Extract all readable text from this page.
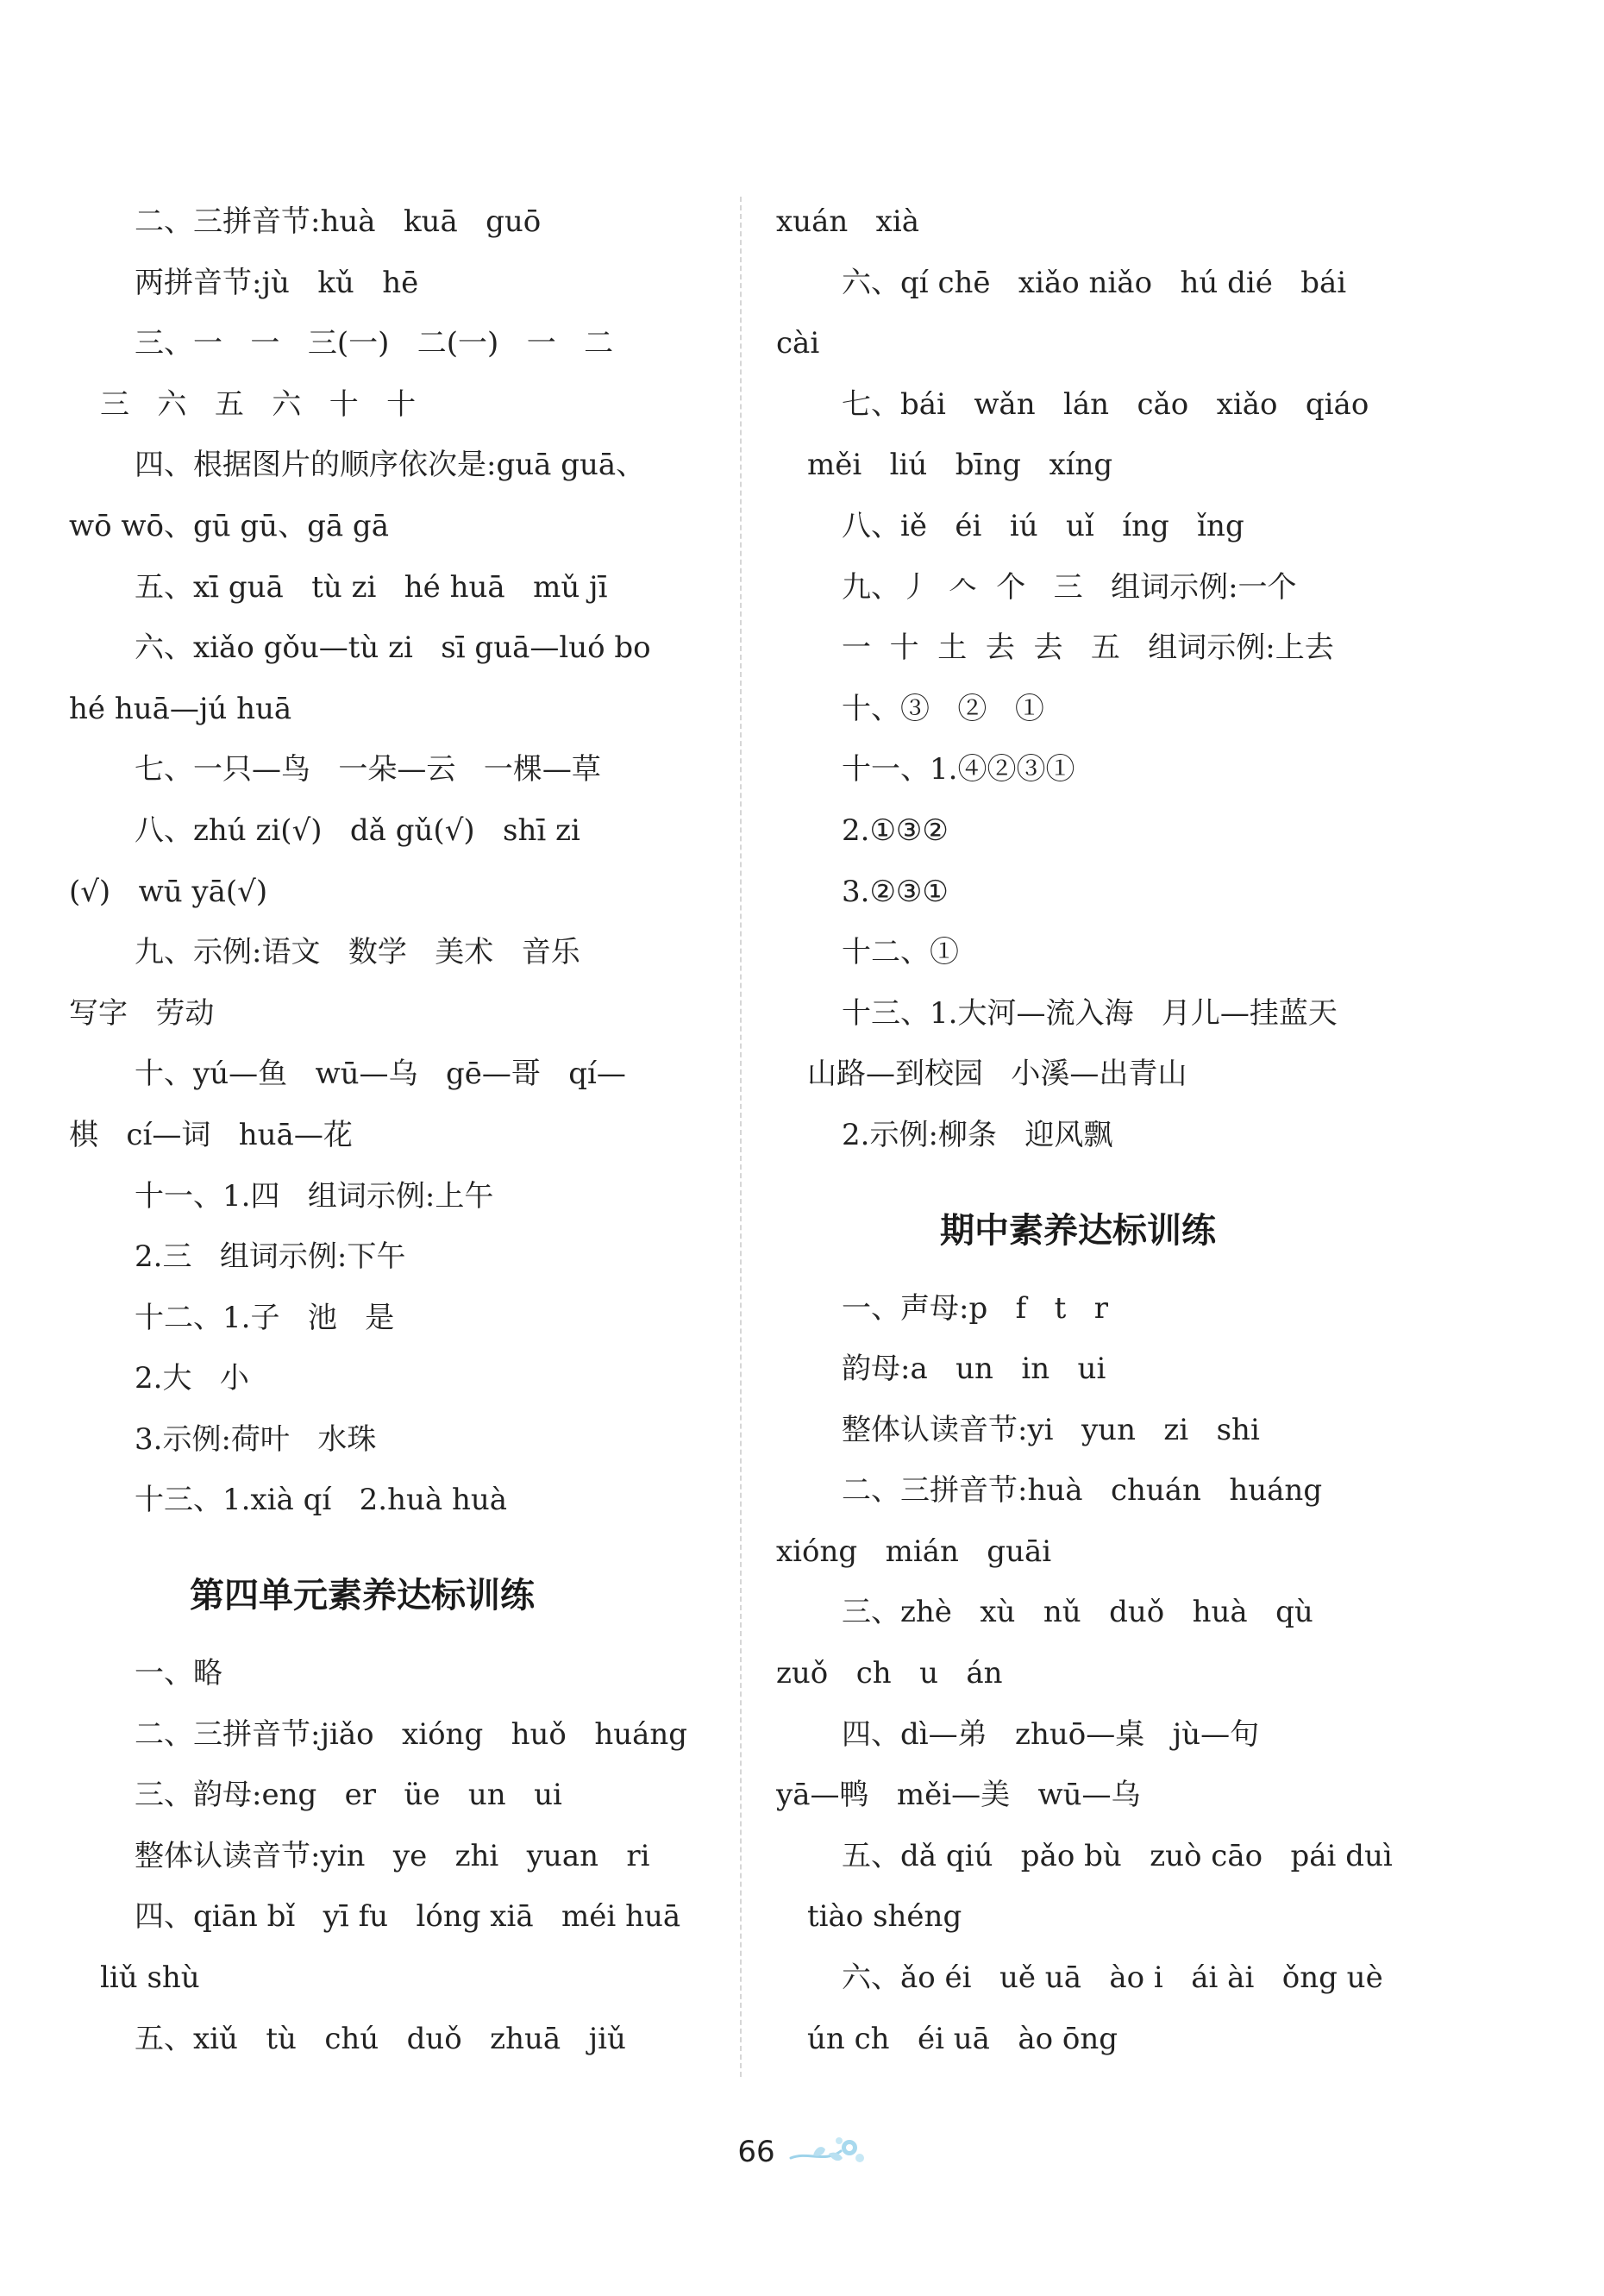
二、三拼音节:huà   kuā   guō
两拼音节:jù   kǔ   hē
三、一   一   三(一)   二(一)   一   二
三   六   五   六   十   十
四、根据图片的顺序依次是:guā guā、
wō wō、gū gū、gā gā
五、xī guā   tù zi   hé huā   mǔ jī
六、xiǎo gǒu—tù zi   sī guā—luó bo
hé huā—jú huā
七、一只—鸟   一朵—云   一棵—草
八、zhú zi(√)   dǎ gǔ(√)   shī zi
(√)   wū yā(√)
九、示例:语文   数学   美术   音乐
写字   劳动
十、yú—鱼   wū—乌   gē—哥   qí—
棋   cí—词   huā—花
十一、1.四   组词示例:上午
2.三   组词示例:下午
十二、1.子   池   是
2.大   小
3.示例:荷叶   水珠
十三、1.xià qí   2.huà huà
第四单元素养达标训练
一、略
二、三拼音节:jiǎo   xióng   huǒ   huáng
三、韵母:eng   er   üe   un   ui
整体认读音节:yin   ye   zhi   yuan   ri
四、qiān bǐ   yī fu   lóng xiā   méi huā
liǔ shù
五、xiǔ   tù   chú   duǒ   zhuā   jiǔ
xuán   xià
六、qí chē   xiǎo niǎo   hú dié   bái
cài
七、bái   wǎn   lán   cǎo   xiǎo   qiáo
měi   liú   bīng   xíng
八、iě   éi   iú   uǐ   íng   ǐng
九、丿  𠆢  个   三   组词示例:一个
一  十  土  去  去   五   组词示例:上去
十、③   ②   ①
十一、1.④②③①
2.①③②
3.②③①
十二、①
十三、1.大河—流入海   月儿—挂蓝天
山路—到校园   小溪—出青山
2.示例:柳条   迎风飘
期中素养达标训练
一、声母:p   f   t   r
韵母:a   un   in   ui
整体认读音节:yi   yun   zi   shi
二、三拼音节:huà   chuán   huáng
xióng   mián   guāi
三、zhè   xù   nǔ   duǒ   huà   qù
zuǒ   ch   u   án
四、dì—弟   zhuō—桌   jù—句
yā—鸭   měi—美   wū—乌
五、dǎ qiú   pǎo bù   zuò cāo   pái duì
tiào shéng
六、ǎo éi   uě uā   ào i   ái ài   ǒng uè
ún ch   éi uā   ào ōng
66
